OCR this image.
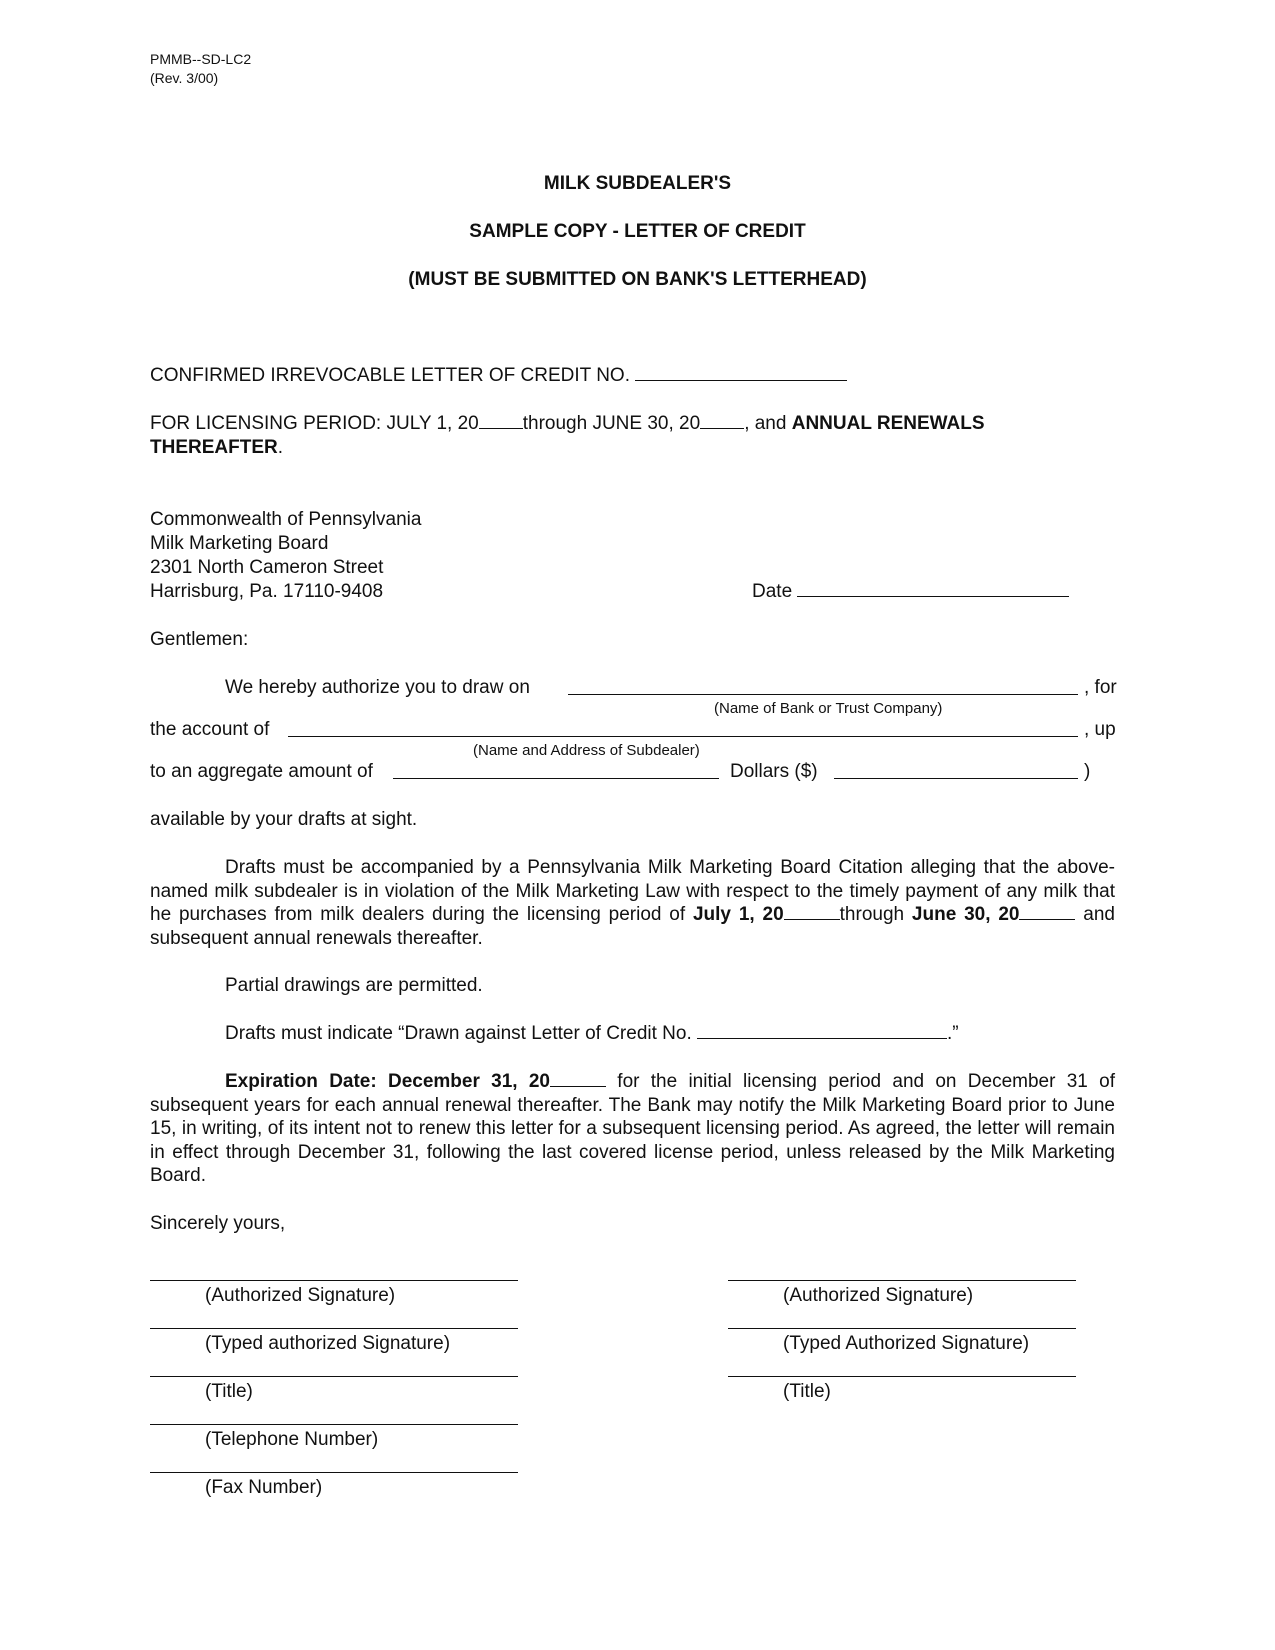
PMMB--SD-LC2
(Rev. 3/00)
MILK SUBDEALER'S
SAMPLE COPY - LETTER OF CREDIT
(MUST BE SUBMITTED ON BANK'S LETTERHEAD)
CONFIRMED IRREVOCABLE LETTER OF CREDIT NO.
FOR LICENSING PERIOD: JULY 1, 20 through JUNE 30, 20 , and ANNUAL RENEWALS
THEREAFTER.
Commonwealth of Pennsylvania
Milk Marketing Board
2301 North Cameron Street
Harrisburg, Pa. 17110-9408	Date
Gentlemen:
We hereby authorize you to draw on	, for
(Name of Bank or Trust Company)
the account of	, up
(Name and Address of Subdealer)
to an aggregate amount of	Dollars ($)	)
available by your drafts at sight.
Drafts must be accompanied by a Pennsylvania Milk Marketing Board Citation alleging that the above-named milk subdealer is in violation of the Milk Marketing Law with respect to the timely payment of any milk that he purchases from milk dealers during the licensing period of July 1, 20	through June 30, 20	and subsequent annual renewals thereafter.
Partial drawings are permitted.
Drafts must indicate “Drawn against Letter of Credit No.	.”
Expiration Date: December 31, 20	for the initial licensing period and on December 31 of subsequent years for each annual renewal thereafter. The Bank may notify the Milk Marketing Board prior to June 15, in writing, of its intent not to renew this letter for a subsequent licensing period. As agreed, the letter will remain in effect through December 31, following the last covered license period, unless released by the Milk Marketing Board.
Sincerely yours,
(Authorized Signature)
(Typed authorized Signature)
(Title)
(Telephone Number)
(Fax Number)
(Authorized Signature)
(Typed Authorized Signature)
(Title)
